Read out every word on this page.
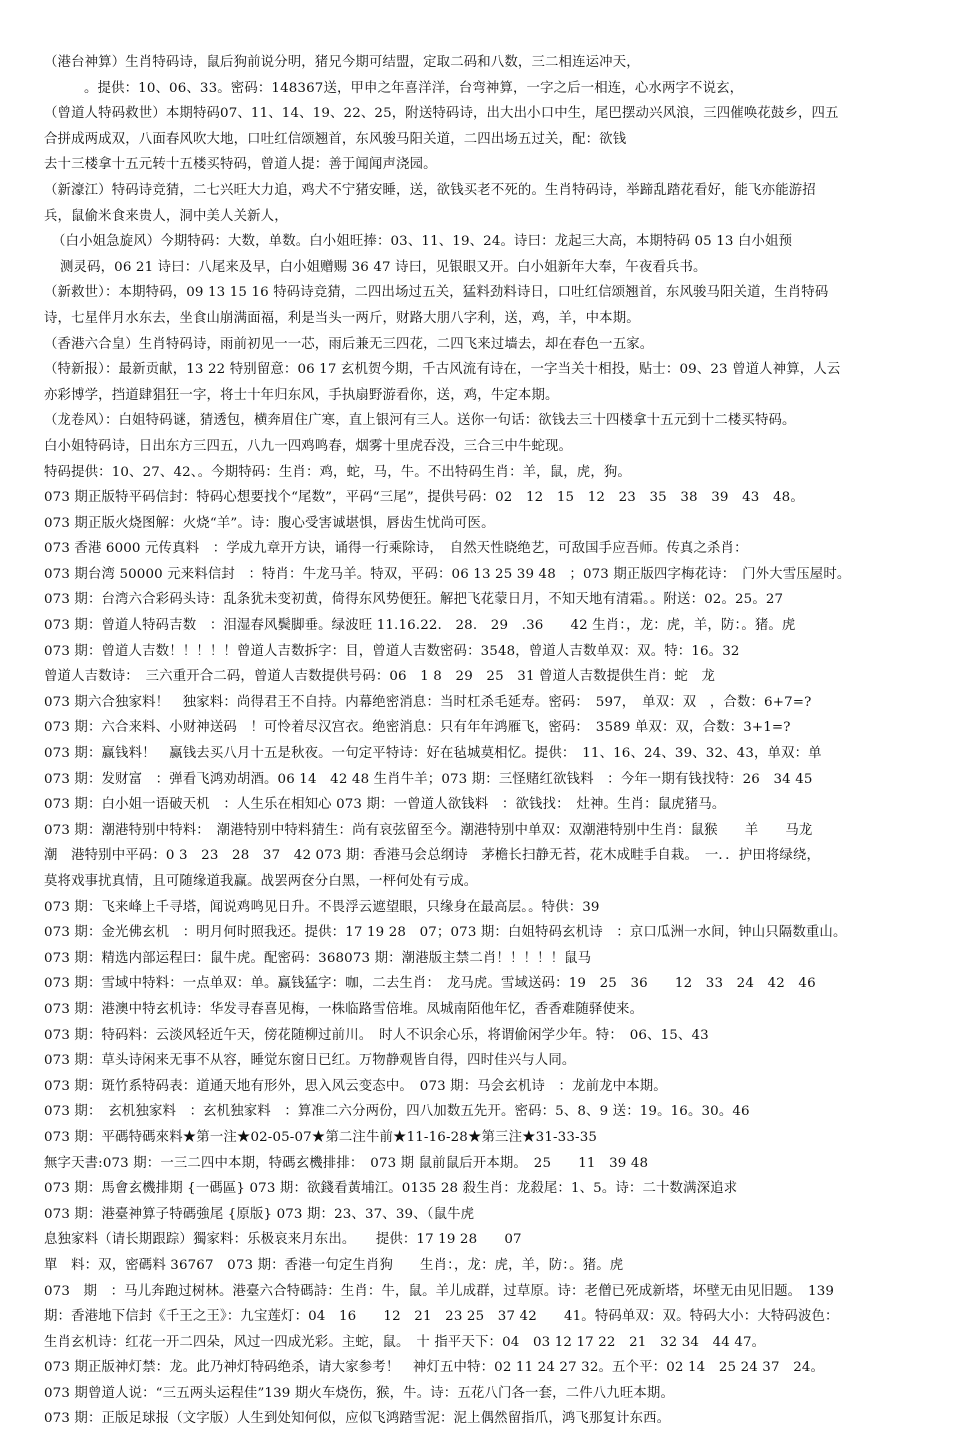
（港台神算）生肖特码诗，鼠后狗前说分明，猪兄今期可结盟，定取二码和八数，三二相连运冲天，
。提供：10、06、33。密码：148367送，甲申之年喜洋洋，台弯神算，一字之后一相连，心水两字不说玄，
（曾道人特码救世）本期特码07、11、14、19、22、25，附送特码诗，出大出小口中生，尾巴摆动兴风浪，三四催唤花鼓乡，四五
合拼成两成双，八面春风吹大地，口吐红信颂翘首，东风骏马阳关道，二四出场五过关，配：欲钱
去十三楼拿十五元转十五楼买特码，曾道人提：善于闻闻声浇园。
（新濠江）特码诗竞猜，二七兴旺大力追，鸡犬不宁猪安睡，送，欲钱买老不死的。生肖特码诗，举蹄乱踏花看好，能飞亦能游招
兵，鼠偷米食来贵人，洞中美人关新人，
（白小姐急旋风）今期特码：大数，单数。白小姐旺捧：03、11、19、24。诗曰：龙起三大高，本期特码 05 13 白小姐预
测灵码，06 21 诗曰：八尾来及早，白小姐赠赐 36 47 诗曰，见银眼又开。白小姐新年大奉，午夜看兵书。
（新救世）：本期特码，09 13 15 16 特码诗竞猜，二四出场过五关，猛料劲料诗日，口吐红信颂翘首，东风骏马阳关道，生肖特码
诗，七星伴月水东去，坐食山崩满面福，利是当头一两斤，财路大朋八字利，送，鸡，羊，中本期。
（香港六合皇）生肖特码诗，雨前初见一一芯，雨后兼无三四花，二四飞来过墙去，却在春色一五家。
（特新报）：最新贡献，13 22 特别留意：06 17 玄机贺今期，千古风流有诗在，一字当关十相投，贴士：09、23 曾道人神算，人云
亦彩博学，挡道肆猖狂一字，将士十年归东风，手执扇野游看你，送，鸡，牛定本期。
（龙卷风）：白姐特码谜，猜透包，横奔眉住广寒，直上银河有三人。送你一句话：欲钱去三十四楼拿十五元到十二楼买特码。
白小姐特码诗，日出东方三四五，八九一四鸡鸣春，烟雾十里虎吞没，三合三中牛蛇现。
特码提供：10、27、42、。今期特码：生肖：鸡，蛇，马，牛。不出特码生肖：羊，鼠，虎，狗。
073 期正版特平码信封：特码心想要找个“尾数”，平码“三尾”，提供号码：02　12　15　12　23　35　38　39　43　48。
073 期正版火烧图解：火烧“羊”。诗：腹心受害诚堪惧，唇齿生忧尚可医。
073 香港 6000 元传真料　：学成九章开方诀，诵得一行乘除诗，　自然天性晓绝艺，可敌国手应吾师。传真之杀肖：
073 期台湾 50000 元来料信封　：特肖：牛龙马羊。特双，平码：06 13 25 39 48　；073 期正版四字梅花诗：　门外大雪压屋时。
073 期：台湾六合彩码头诗：乱条犹未变初黄，倚得东风势便狂。解把飞花蒙日月，不知天地有清霜。。附送：02。25。27
073 期：曾道人特码吉数　：泪湿春风鬓脚垂。绿波旺 11.16.22.　28.　29　.36　　42 生肖：，龙：虎，羊，防：。猪。虎
073 期：曾道人吉数！！！！！曾道人吉数拆字：目，曾道人吉数密码：3548，曾道人吉数单双：双。特：16。32
曾道人吉数诗：　三六重开合二码，曾道人吉数提供号码：06　1 8　29　25　31 曾道人吉数提供生肖：蛇　龙
073 期六合独家料！　独家料：尚得君王不自持。内幕绝密消息：当时杠杀毛延寿。密码：　597，　单双：双　，合数：6+7=?
073 期：六合来料、小财神送码　！可怜着尽汉宫衣。绝密消息：只有年年鸿雁飞，密码：　3589 单双：双，合数：3+1=?
073 期：赢钱料！　赢钱去买八月十五是秋夜。一句定平特诗：好在毡城莫相忆。提供：　11、16、24、39、32、43，单双：单
073 期：发财富　：弹看飞鸿劝胡酒。06 14　42 48 生肖牛羊；073 期：三怪赌红欲钱料　：今年一期有钱找特：26　34 45
073 期：白小姐一语破天机　：人生乐在相知心 073 期：一曾道人欲钱料　：欲钱找：　灶神。生肖：鼠虎猪马。
073 期：潮港特别中特料：　潮港特别中特料猜生：尚有哀弦留至今。潮港特别中单双：双潮港特别中生肖：鼠猴　　羊　　马龙
潮　港特别中平码：0 3　23　28　37　42 073 期：香港马会总纲诗　茅檐长扫静无苔，花木成畦手自栽。　一．．护田将绿绕，
莫将戏事扰真情，且可随缘道我赢。战罢两奁分白黑，一枰何处有亏成。
073 期：飞来峰上千寻塔，闻说鸡鸣见日升。不畏浮云遮望眼，只缘身在最高层。。特供：39
073 期：金光佛玄机　：明月何时照我还。提供：17 19 28　07；073 期：白姐特码玄机诗　：京口瓜洲一水间，钟山只隔数重山。
073 期：精选内部运程曰：鼠牛虎。配密码：368073 期：潮港版主禁二肖！！！！！鼠马
073 期：雪域中特料：一点单双：单。赢钱猛字：咖，二去生肖：　龙马虎。雪域送码：19　25　36　　12　33　24　42　46
073 期：港澳中特玄机诗：华发寻春喜见梅，一株临路雪倍堆。凤城南陌他年忆，香香难随驿使来。
073 期：特码料：云淡风轻近午天，傍花随柳过前川。　时人不识余心乐，将谓偷闲学少年。特：　06、15、43
073 期：草头诗闲来无事不从容，睡觉东窗日已红。万物静观皆自得，四时佳兴与人同。
073 期：斑竹系特码表：道通天地有形外，思入风云变态中。　073 期：马会玄机诗　：龙前龙中本期。
073 期：　玄机独家料　：玄机独家料　：算准二六分两份，四八加数五先开。密码：5、8、9 送：19。16。30。46
073 期：平碼特碼來料★第一注★02-05-07★第二注牛前★11-16-28★第三注★31-33-35
無字天書:073 期：一三二四中本期，特碼玄機排排：　073 期 鼠前鼠后开本期。　25　　11　39 48
073 期：馬會玄機排期 {一碼區} 073 期：欲錢看黃埔江。0135 28 殺生肖：龙殺尾：1、5。诗：二十数满深追求
073 期：港臺神算子特碼強尾 {原版} 073 期：23、37、39、（鼠牛虎
息独家料（请长期跟踪）獨家料：乐极哀来月东出。　　提供：17 19 28　　07
單　料：双，密碼料 36767　073 期：香港一句定生肖狗　　生肖：，龙：虎，羊，防：。猪。虎
073　期　：马儿奔跑过树林。港臺六合特碼詩：生肖：牛，鼠。羊儿成群，过草原。诗：老僧已死成新塔，坏壁无由见旧题。　139
期：香港地下信封《千王之王》：九宝莲灯：04　16　　12　21　23 25　37 42　　41。特码单双：双。特码大小：大特码波色：
生肖玄机诗：红花一开二四朵，风过一四成光彩。主蛇，鼠。　十 指平天下：04　03 12 17 22　21　32 34　44 47。
073 期正版神灯禁：龙。此乃神灯特码绝杀，请大家参考！　神灯五中特：02 11 24 27 32。五个平：02 14　25 24 37　24。
073 期曾道人说：“三五两头运程佳”139 期火车烧伤，猴，牛。诗：五花八门各一套，二件八九旺本期。
073 期：正版足球报（文字版）人生到处知何似，应似飞鸿踏雪泥：泥上偶然留指爪，鸿飞那复计东西。
